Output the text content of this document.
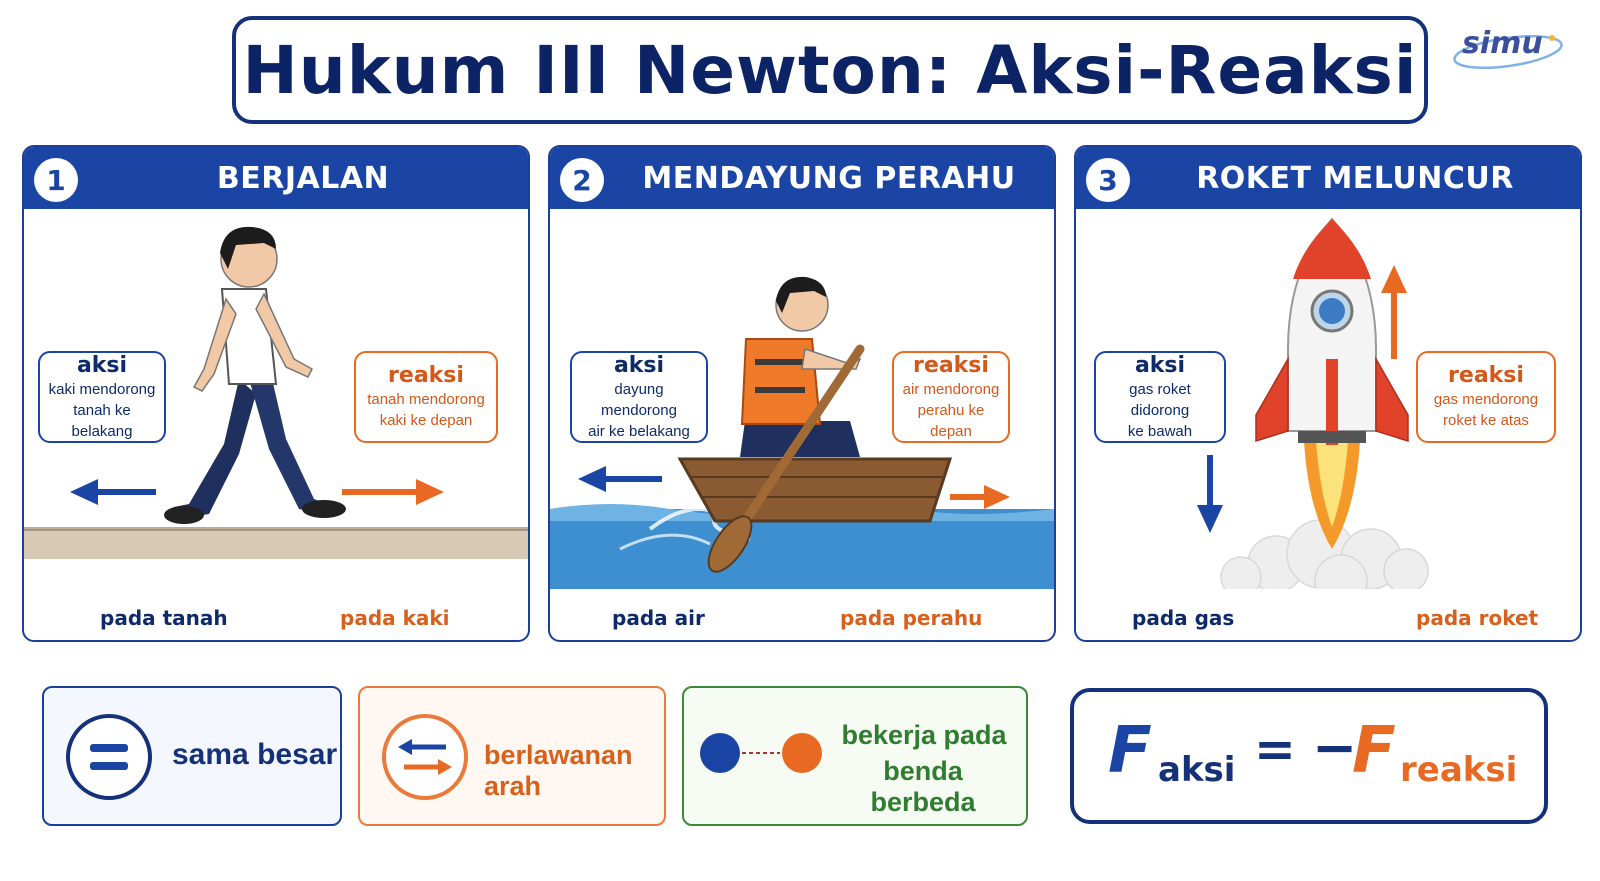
Hukum III Newton: Aksi-Reaksi simu
1	BERJALAN
aksi
kaki mendorong
tanah ke belakang
reaksi
tanah mendorong
kaki ke depan
pada tanah	pada kaki
2	MENDAYUNG PERAHU
aksi
dayung mendorong
air ke belakang
reaksi
air mendorong
perahu ke depan
pada air	pada perahu
3	ROKET MELUNCUR
aksi
gas roket didorong
ke bawah
reaksi
gas mendorong
roket ke atas
pada gas	pada roket
sama besar	berlawanan arah
bekerja pada
benda berbeda
F aksi = −
F reaksi
